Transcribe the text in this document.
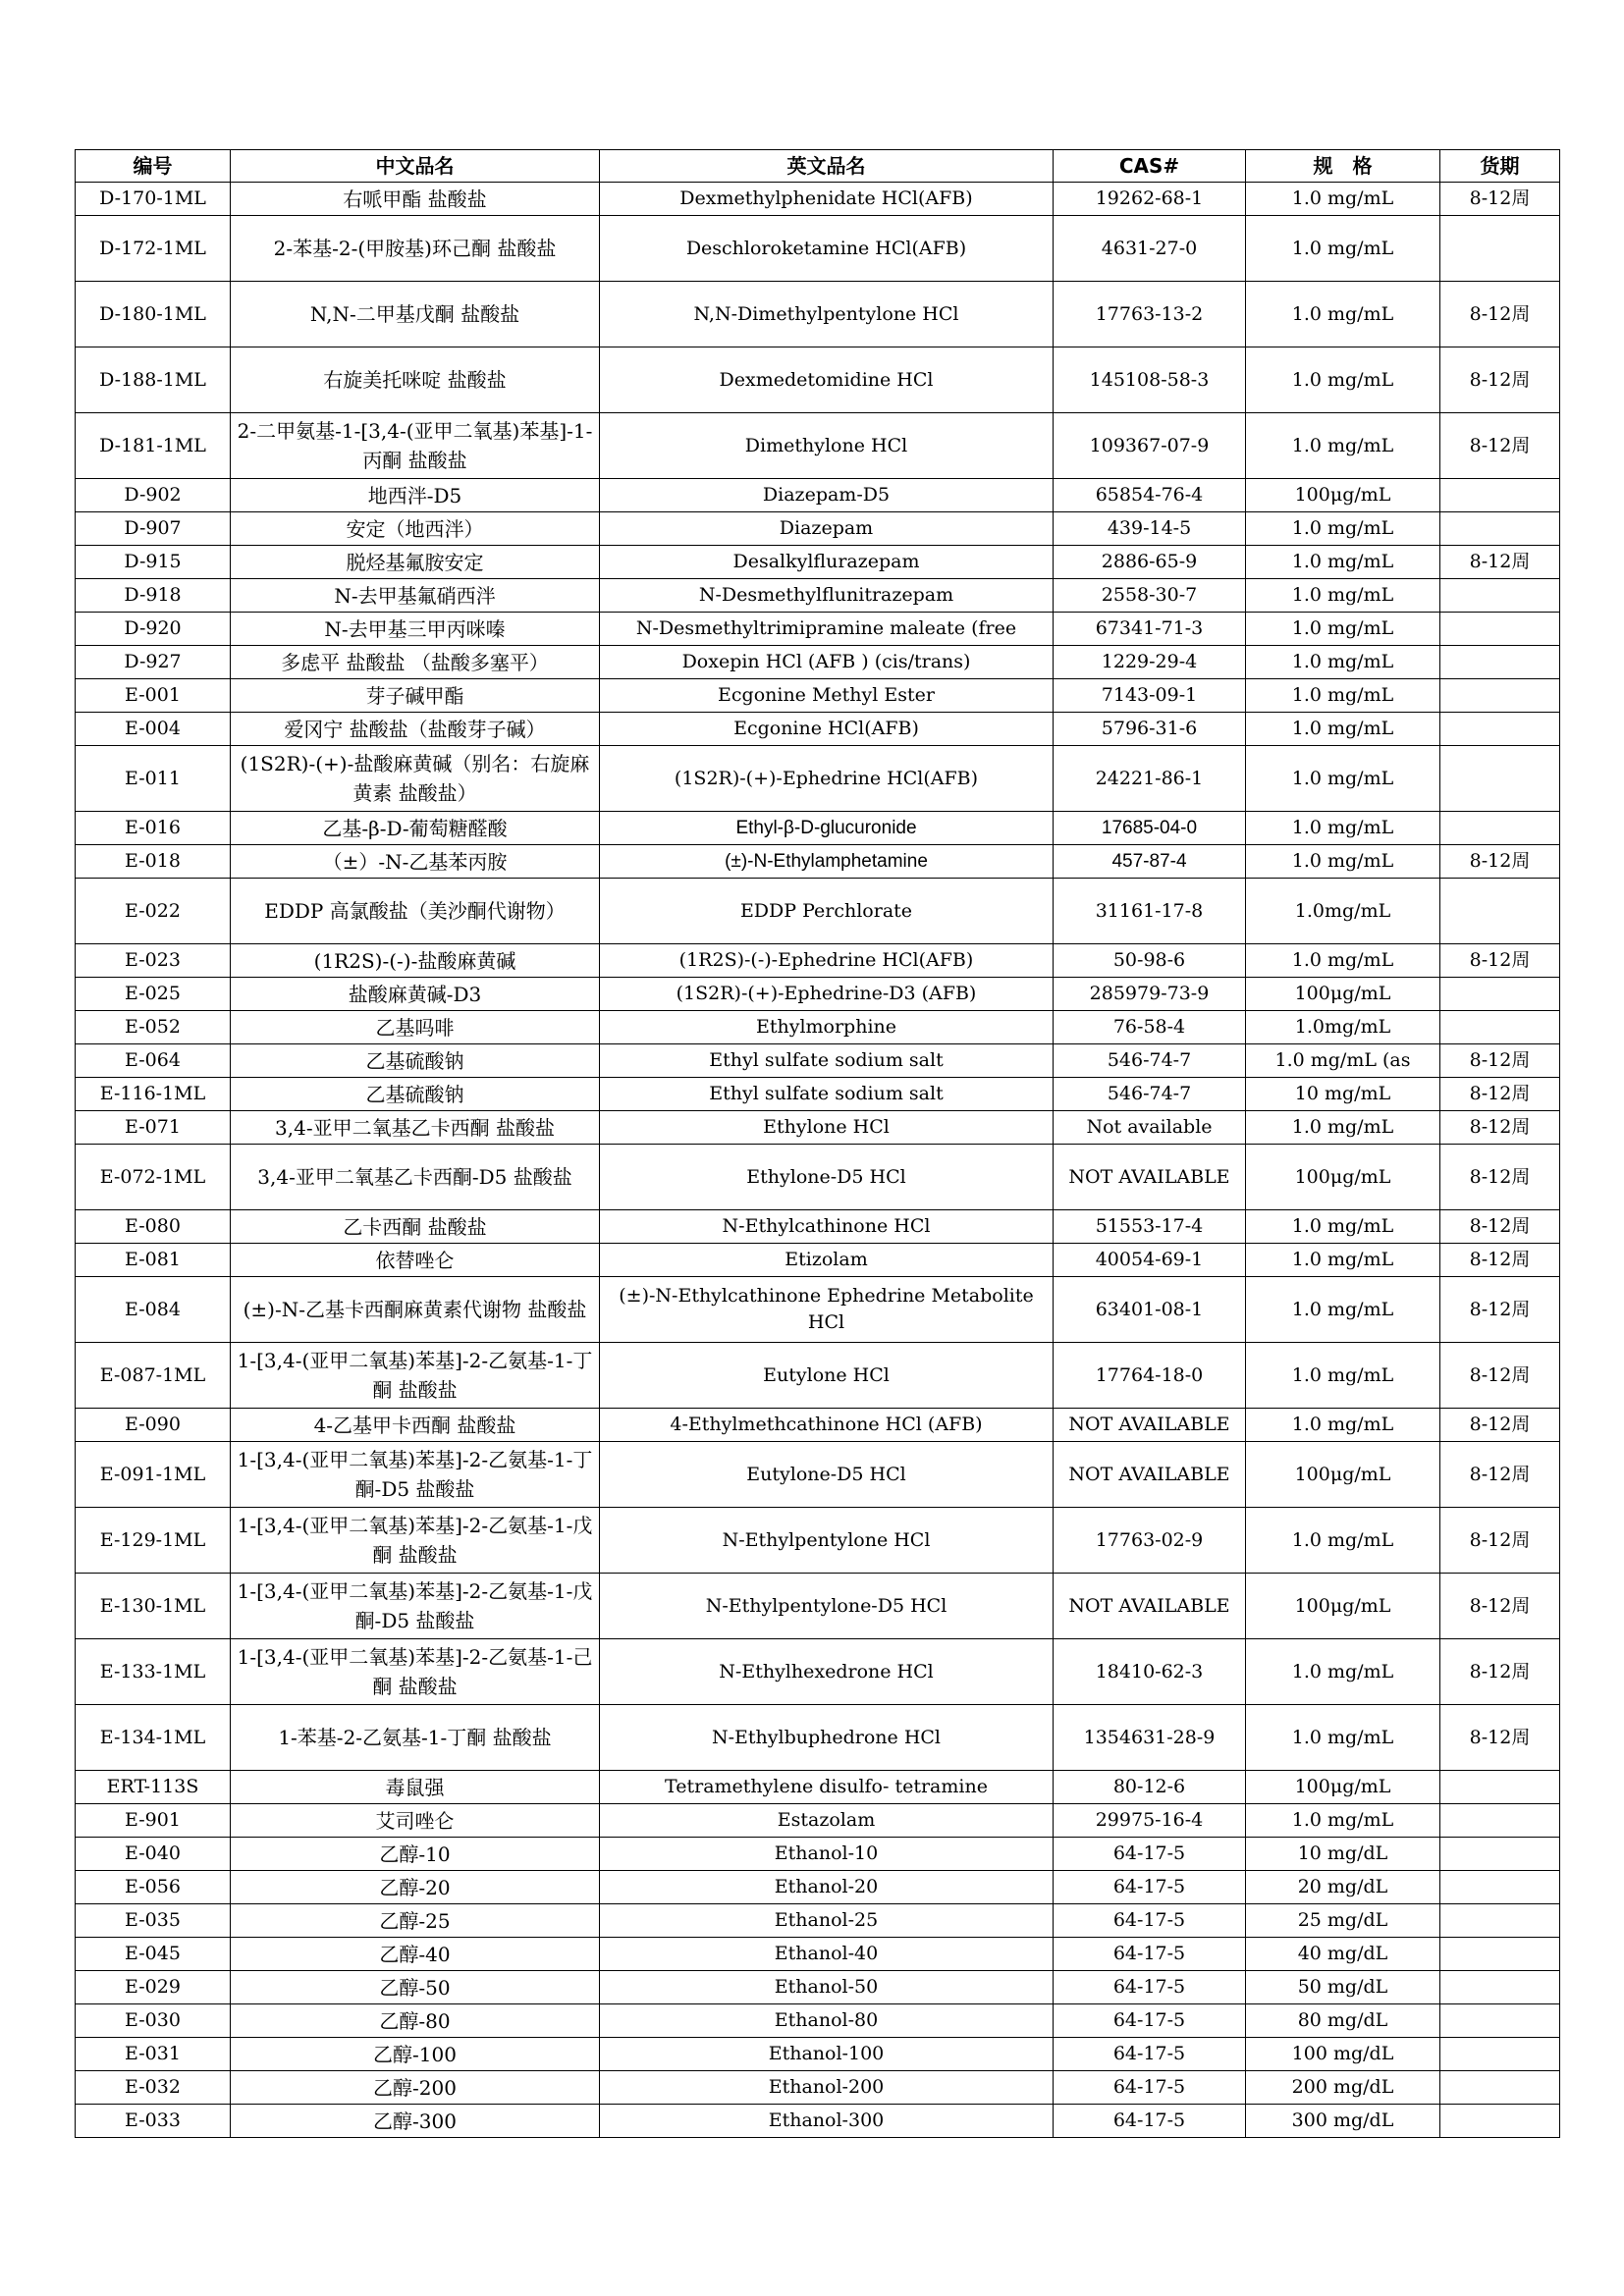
编号	中文品名	英文品名	CAS#	规　格	货期
D-170-1ML	右哌甲酯 盐酸盐	Dexmethylphenidate HCl(AFB)	19262-68-1	1.0 mg/mL	8-12周
D-172-1ML	2-苯基-2-(甲胺基)环己酮 盐酸盐	Deschloroketamine HCl(AFB)	4631-27-0	1.0 mg/mL	
D-180-1ML	N,N-二甲基戊酮 盐酸盐	N,N-Dimethylpentylone HCl	17763-13-2	1.0 mg/mL	8-12周
D-188-1ML	右旋美托咪啶 盐酸盐	Dexmedetomidine HCl	145108-58-3	1.0 mg/mL	8-12周
D-181-1ML	2-二甲氨基-1-[3,4-(亚甲二氧基)苯基]-1-丙酮 盐酸盐	Dimethylone HCl	109367-07-9	1.0 mg/mL	8-12周
D-902	地西泮-D5	Diazepam-D5	65854-76-4	100μg/mL	
D-907	安定（地西泮）	Diazepam	439-14-5	1.0 mg/mL	
D-915	脱烃基氟胺安定	Desalkylflurazepam	2886-65-9	1.0 mg/mL	8-12周
D-918	N-去甲基氟硝西泮	N-Desmethylflunitrazepam	2558-30-7	1.0 mg/mL	
D-920	N-去甲基三甲丙咪嗪	N-Desmethyltrimipramine maleate (free	67341-71-3	1.0 mg/mL	
D-927	多虑平 盐酸盐 （盐酸多塞平）	Doxepin HCl (AFB ) (cis/trans)	1229-29-4	1.0 mg/mL	
E-001	芽子碱甲酯	Ecgonine Methyl Ester	7143-09-1	1.0 mg/mL	
E-004	爱冈宁 盐酸盐（盐酸芽子碱）	Ecgonine HCl(AFB)	5796-31-6	1.0 mg/mL	
E-011	(1S2R)-(+)-盐酸麻黄碱（别名：右旋麻黄素 盐酸盐）	(1S2R)-(+)-Ephedrine HCl(AFB)	24221-86-1	1.0 mg/mL	
E-016	乙基-β-D-葡萄糖醛酸	Ethyl-β-D-glucuronide	17685-04-0	1.0 mg/mL	
E-018	（±）-N-乙基苯丙胺	(±)-N-Ethylamphetamine	457-87-4	1.0 mg/mL	8-12周
E-022	EDDP 高氯酸盐（美沙酮代谢物）	EDDP Perchlorate	31161-17-8	1.0mg/mL	
E-023	(1R2S)-(-)-盐酸麻黄碱	(1R2S)-(-)-Ephedrine HCl(AFB)	50-98-6	1.0 mg/mL	8-12周
E-025	盐酸麻黄碱-D3	(1S2R)-(+)-Ephedrine-D3 (AFB)	285979-73-9	100μg/mL	
E-052	乙基吗啡	Ethylmorphine	76-58-4	1.0mg/mL	
E-064	乙基硫酸钠	Ethyl sulfate sodium salt	546-74-7	1.0 mg/mL (as	8-12周
E-116-1ML	乙基硫酸钠	Ethyl sulfate sodium salt	546-74-7	10 mg/mL	8-12周
E-071	3,4-亚甲二氧基乙卡西酮 盐酸盐	Ethylone HCl	Not available	1.0 mg/mL	8-12周
E-072-1ML	3,4-亚甲二氧基乙卡西酮-D5 盐酸盐	Ethylone-D5 HCl	NOT AVAILABLE	100μg/mL	8-12周
E-080	乙卡西酮 盐酸盐	N-Ethylcathinone HCl	51553-17-4	1.0 mg/mL	8-12周
E-081	依替唑仑	Etizolam	40054-69-1	1.0 mg/mL	8-12周
E-084	(±)-N-乙基卡西酮麻黄素代谢物 盐酸盐	(±)-N-Ethylcathinone Ephedrine Metabolite HCl	63401-08-1	1.0 mg/mL	8-12周
E-087-1ML	1-[3,4-(亚甲二氧基)苯基]-2-乙氨基-1-丁酮 盐酸盐	Eutylone HCl	17764-18-0	1.0 mg/mL	8-12周
E-090	4-乙基甲卡西酮 盐酸盐	4-Ethylmethcathinone HCl (AFB)	NOT AVAILABLE	1.0 mg/mL	8-12周
E-091-1ML	1-[3,4-(亚甲二氧基)苯基]-2-乙氨基-1-丁酮-D5 盐酸盐	Eutylone-D5 HCl	NOT AVAILABLE	100μg/mL	8-12周
E-129-1ML	1-[3,4-(亚甲二氧基)苯基]-2-乙氨基-1-戊酮 盐酸盐	N-Ethylpentylone HCl	17763-02-9	1.0 mg/mL	8-12周
E-130-1ML	1-[3,4-(亚甲二氧基)苯基]-2-乙氨基-1-戊酮-D5 盐酸盐	N-Ethylpentylone-D5 HCl	NOT AVAILABLE	100μg/mL	8-12周
E-133-1ML	1-[3,4-(亚甲二氧基)苯基]-2-乙氨基-1-己酮 盐酸盐	N-Ethylhexedrone HCl	18410-62-3	1.0 mg/mL	8-12周
E-134-1ML	1-苯基-2-乙氨基-1-丁酮 盐酸盐	N-Ethylbuphedrone HCl	1354631-28-9	1.0 mg/mL	8-12周
ERT-113S	毒鼠强	Tetramethylene disulfo- tetramine	80-12-6	100μg/mL	
E-901	艾司唑仑	Estazolam	29975-16-4	1.0 mg/mL	
E-040	乙醇-10	Ethanol-10	64-17-5	10 mg/dL	
E-056	乙醇-20	Ethanol-20	64-17-5	20 mg/dL	
E-035	乙醇-25	Ethanol-25	64-17-5	25 mg/dL	
E-045	乙醇-40	Ethanol-40	64-17-5	40 mg/dL	
E-029	乙醇-50	Ethanol-50	64-17-5	50 mg/dL	
E-030	乙醇-80	Ethanol-80	64-17-5	80 mg/dL	
E-031	乙醇-100	Ethanol-100	64-17-5	100 mg/dL	
E-032	乙醇-200	Ethanol-200	64-17-5	200 mg/dL	
E-033	乙醇-300	Ethanol-300	64-17-5	300 mg/dL	
